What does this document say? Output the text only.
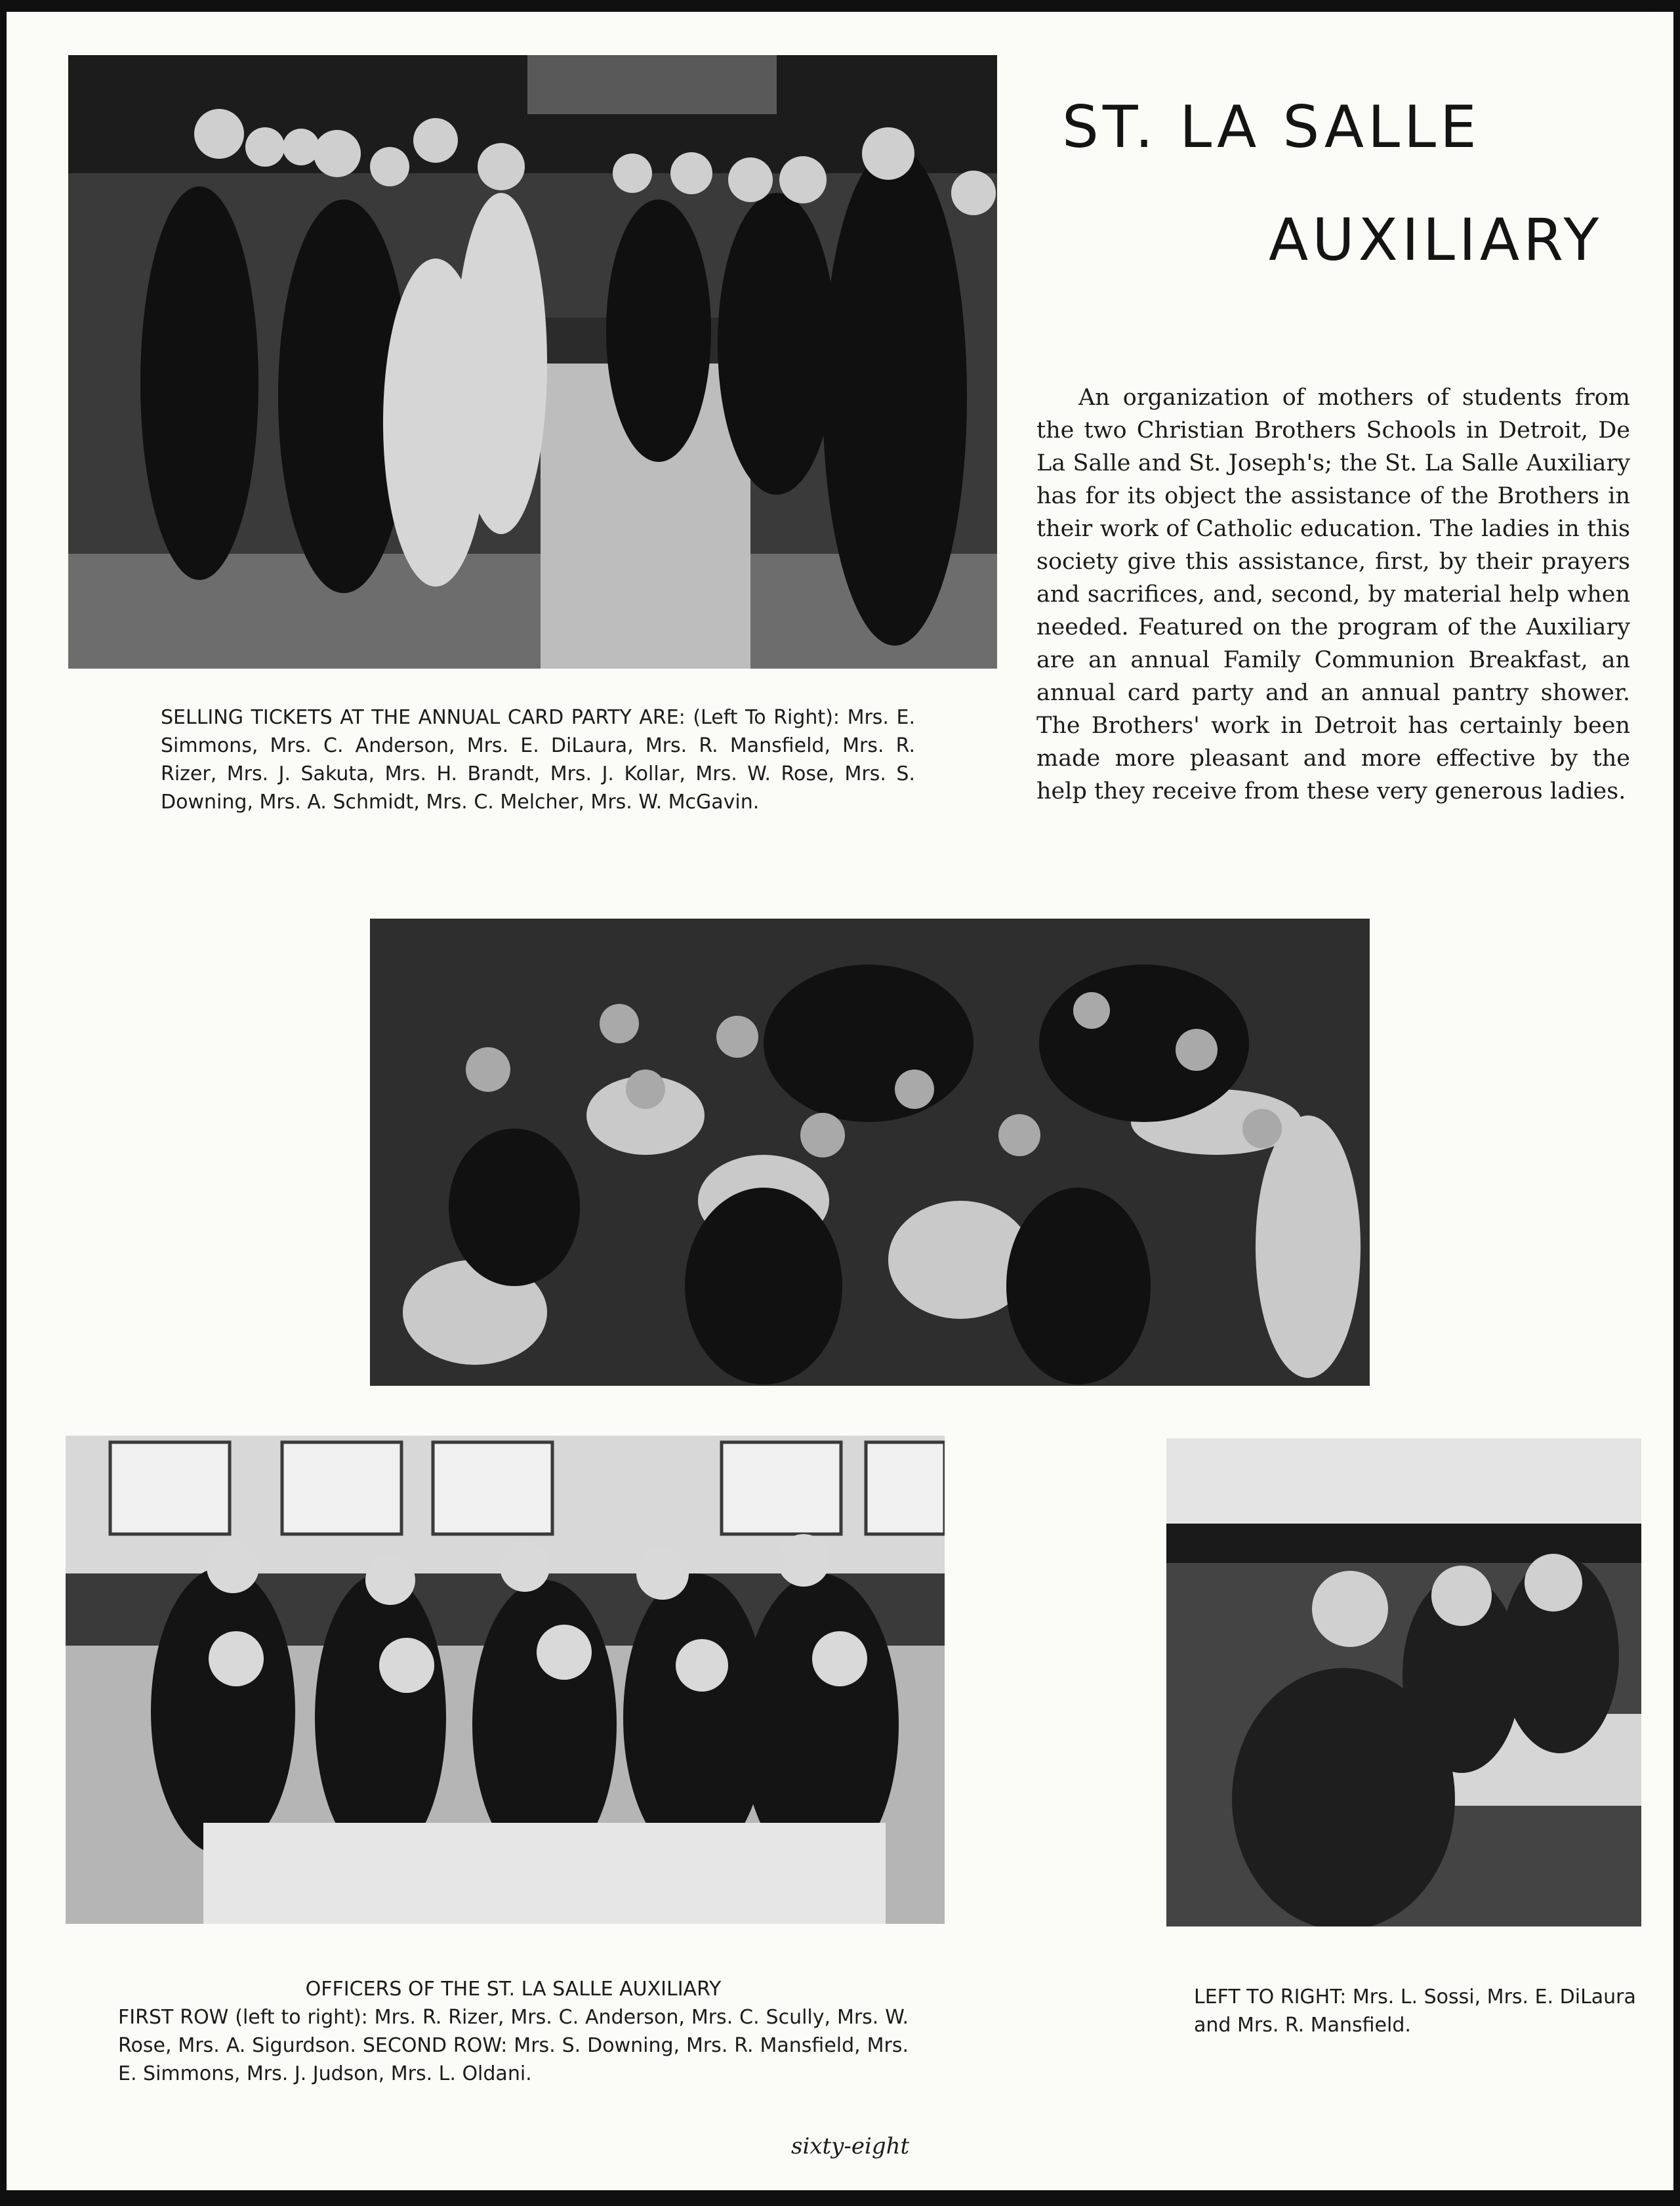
ST. LA SALLE
AUXILIARY

An organization of mothers of students from the two Christian Brothers Schools in Detroit, De La Salle and St. Joseph's; the St. La Salle Auxiliary has for its object the assistance of the Brothers in their work of Catholic education. The ladies in this society give this assistance, first, by their prayers and sacrifices, and, second, by material help when needed. Featured on the program of the Auxiliary are an annual Family Communion Breakfast, an annual card party and an annual pantry shower. The Brothers' work in Detroit has certainly been made more pleasant and more effective by the help they receive from these very generous ladies.

SELLING TICKETS AT THE ANNUAL CARD PARTY ARE: (Left To Right): Mrs. E. Simmons, Mrs. C. Anderson, Mrs. E. DiLaura, Mrs. R. Mansfield, Mrs. R. Rizer, Mrs. J. Sakuta, Mrs. H. Brandt, Mrs. J. Kollar, Mrs. W. Rose, Mrs. S. Downing, Mrs. A. Schmidt, Mrs. C. Melcher, Mrs. W. McGavin.

OFFICERS OF THE ST. LA SALLE AUXILIARY

FIRST ROW (left to right): Mrs. R. Rizer, Mrs. C. Anderson, Mrs. C. Scully, Mrs. W. Rose, Mrs. A. Sigurdson. SECOND ROW: Mrs. S. Downing, Mrs. R. Mansfield, Mrs. E. Simmons, Mrs. J. Judson, Mrs. L. Oldani.

LEFT TO RIGHT: Mrs. L. Sossi, Mrs. E. DiLaura and Mrs. R. Mansfield.

sixty-eight
